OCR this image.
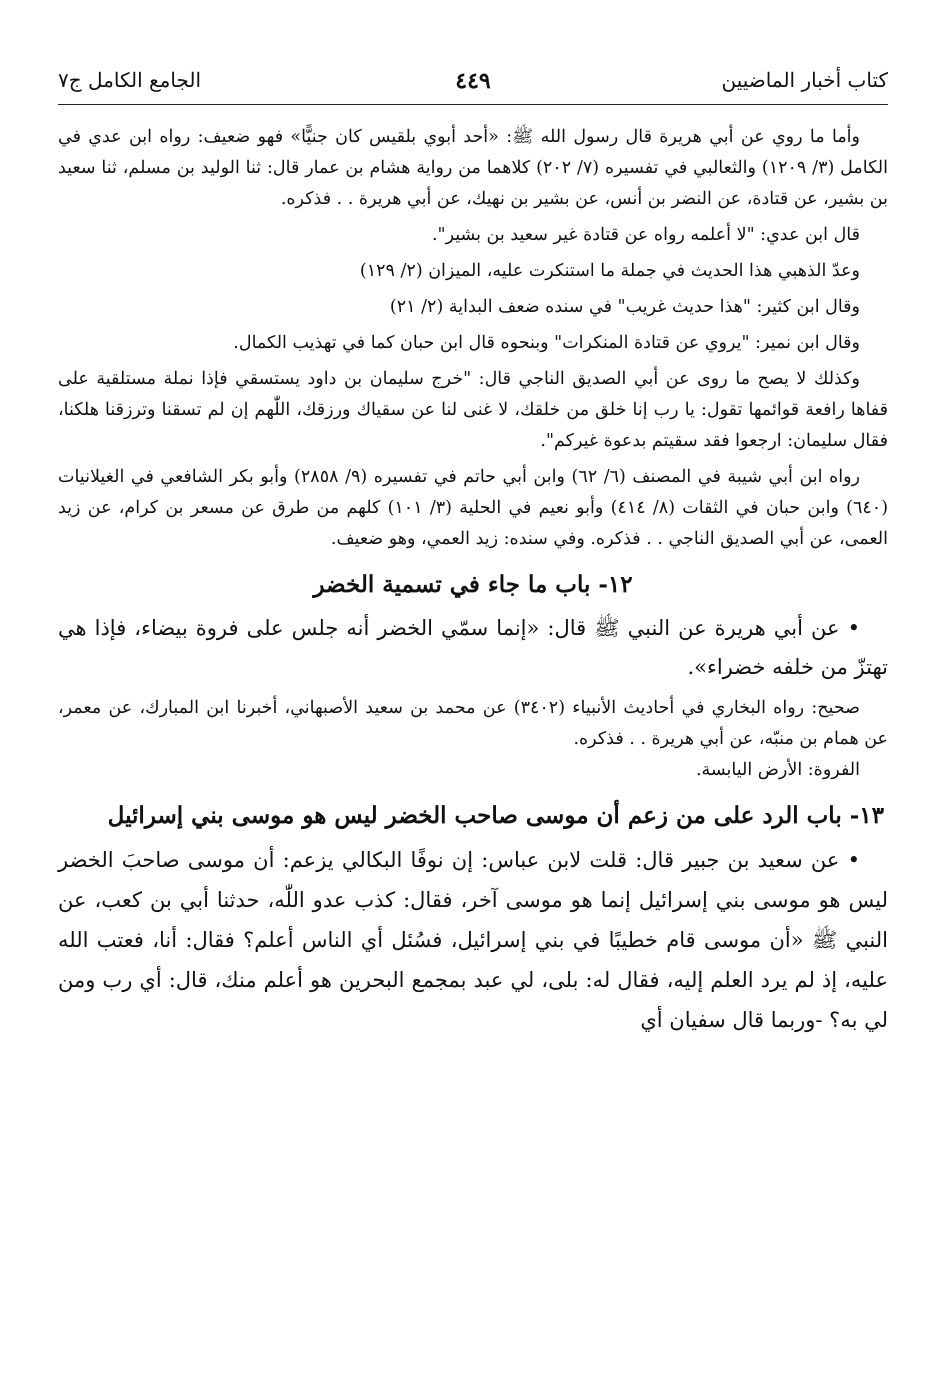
كتاب أخبار الماضيين
٤٤٩
الجامع الكامل ج٧

وأما ما روي عن أبي هريرة قال رسول الله ﷺ: «أحد أبوي بلقيس كان جنيًّا» فهو ضعيف: رواه ابن عدي في الكامل (٣/ ١٢٠٩) والثعالبي في تفسيره (٧/ ٢٠٢) كلاهما من رواية هشام بن عمار قال: ثنا الوليد بن مسلم، ثنا سعيد بن بشير، عن قتادة، عن النضر بن أنس، عن بشير بن نهيك، عن أبي هريرة . . فذكره.

قال ابن عدي: "لا أعلمه رواه عن قتادة غير سعيد بن بشير".

وعدّ الذهبي هذا الحديث في جملة ما استنكرت عليه، الميزان (٢/ ١٢٩)

وقال ابن كثير: "هذا حديث غريب" في سنده ضعف البداية (٢/ ٢١)

وقال ابن نمير: "يروي عن قتادة المنكرات" وبنحوه قال ابن حبان كما في تهذيب الكمال.

وكذلك لا يصح ما روى عن أبي الصديق الناجي قال: "خرج سليمان بن داود يستسقي فإذا نملة مستلقية على قفاها رافعة قوائمها تقول: يا رب إنا خلق من خلقك، لا غنى لنا عن سقياك ورزقك، اللّٰهم إن لم تسقنا وترزقنا هلكنا، فقال سليمان: ارجعوا فقد سقيتم بدعوة غيركم".

رواه ابن أبي شيبة في المصنف (٦/ ٦٢) وابن أبي حاتم في تفسيره (٩/ ٢٨٥٨) وأبو بكر الشافعي في الغيلانيات (٦٤٠) وابن حبان في الثقات (٨/ ٤١٤) وأبو نعيم في الحلية (٣/ ١٠١) كلهم من طرق عن مسعر بن كرام، عن زيد العمى، عن أبي الصديق الناجي . . فذكره. وفي سنده: زيد العمي، وهو ضعيف.

١٢- باب ما جاء في تسمية الخضر

• عن أبي هريرة عن النبي ﷺ قال: «إنما سمّي الخضر أنه جلس على فروة بيضاء، فإذا هي تهتزّ من خلفه خضراء».

صحيح: رواه البخاري في أحاديث الأنبياء (٣٤٠٢) عن محمد بن سعيد الأصبهاني، أخبرنا ابن المبارك، عن معمر، عن همام بن منبّه، عن أبي هريرة . . فذكره.

الفروة: الأرض اليابسة.

١٣- باب الرد على من زعم أن موسى صاحب الخضر ليس هو موسى بني إسرائيل

• عن سعيد بن جبير قال: قلت لابن عباس: إن نوفًا البكالي يزعم: أن موسى صاحبَ الخضر ليس هو موسى بني إسرائيل إنما هو موسى آخر، فقال: كذب عدو اللّٰه، حدثنا أبي بن كعب، عن النبي ﷺ «أن موسى قام خطيبًا في بني إسرائيل، فسُئل أي الناس أعلم؟ فقال: أنا، فعتب الله عليه، إذ لم يرد العلم إليه، فقال له: بلى، لي عبد بمجمع البحرين هو أعلم منك، قال: أي رب ومن لي به؟ -وربما قال سفيان أي
